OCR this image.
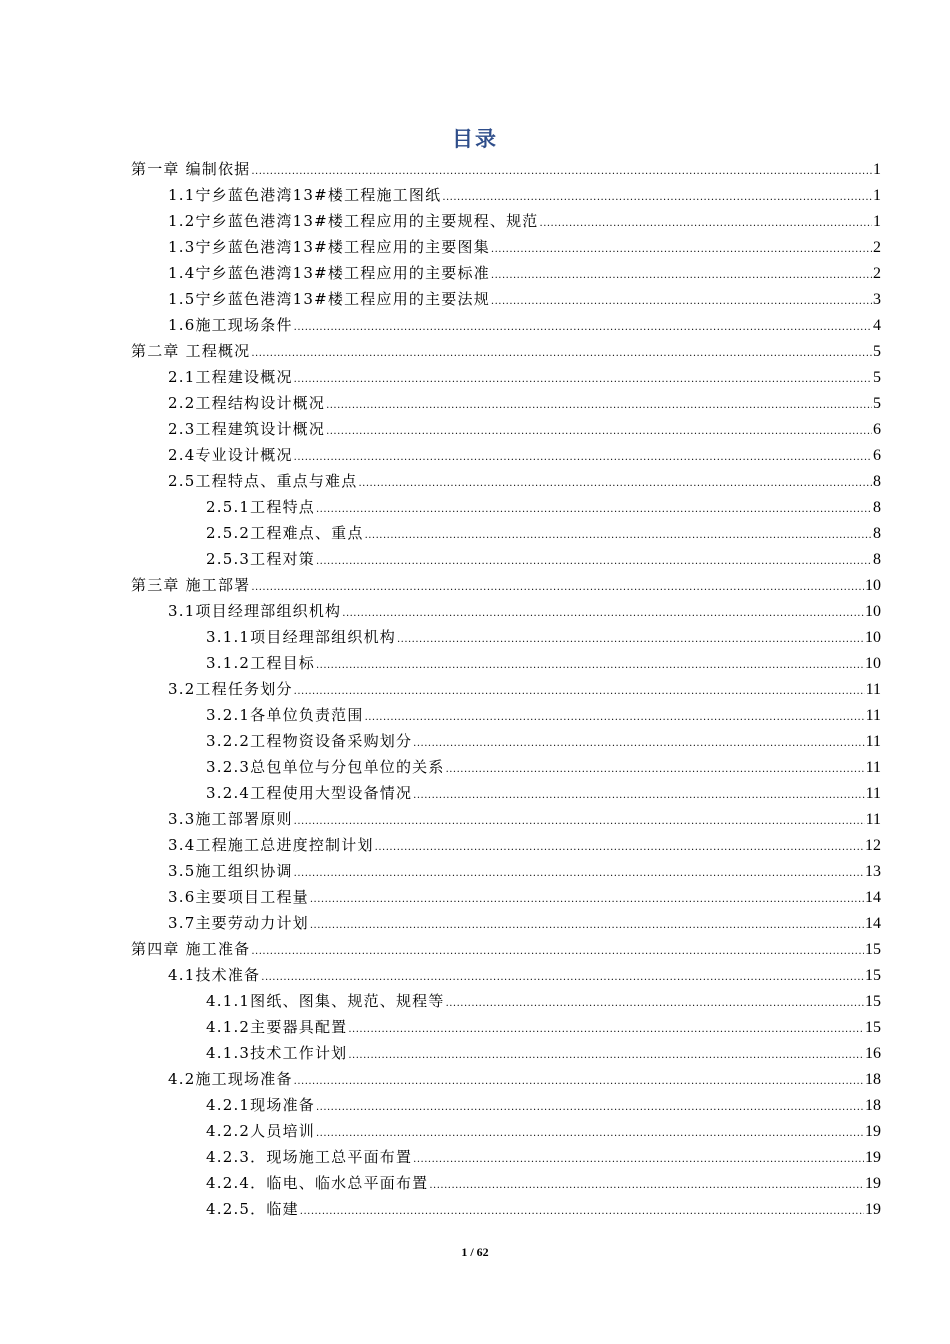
目录
第一章 编制依据 .....	1
1.1宁乡蓝色港湾13#楼工程施工图纸 .....	1
1.2宁乡蓝色港湾13#楼工程应用的主要规程、规范 .....	1
1.3宁乡蓝色港湾13#楼工程应用的主要图集 .....	2
1.4宁乡蓝色港湾13#楼工程应用的主要标准 .....	2
1.5宁乡蓝色港湾13#楼工程应用的主要法规 .....	3
1.6施工现场条件 .....	4
第二章 工程概况 .....	5
2.1工程建设概况 .....	5
2.2工程结构设计概况 .....	5
2.3工程建筑设计概况 .....	6
2.4专业设计概况 .....	6
2.5工程特点、重点与难点 .....	8
2.5.1工程特点 .....	8
2.5.2工程难点、重点 .....	8
2.5.3工程对策 .....	8
第三章 施工部署 .....	10
3.1项目经理部组织机构 .....	10
3.1.1项目经理部组织机构 .....	10
3.1.2工程目标 .....	10
3.2工程任务划分 .....	11
3.2.1各单位负责范围 .....	11
3.2.2工程物资设备采购划分 .....	11
3.2.3总包单位与分包单位的关系 .....	11
3.2.4工程使用大型设备情况 .....	11
3.3施工部署原则 .....	11
3.4工程施工总进度控制计划 .....	12
3.5施工组织协调 .....	13
3.6主要项目工程量 .....	14
3.7主要劳动力计划 .....	14
第四章 施工准备 .....	15
4.1技术准备 .....	15
4.1.1图纸、图集、规范、规程等 .....	15
4.1.2主要器具配置 .....	15
4.1.3技术工作计划 .....	16
4.2施工现场准备 .....	18
4.2.1现场准备 .....	18
4.2.2人员培训 .....	19
4.2.3．现场施工总平面布置 .....	19
4.2.4．临电、临水总平面布置 .....	19
4.2.5．临建 .....	19
1 / 62
